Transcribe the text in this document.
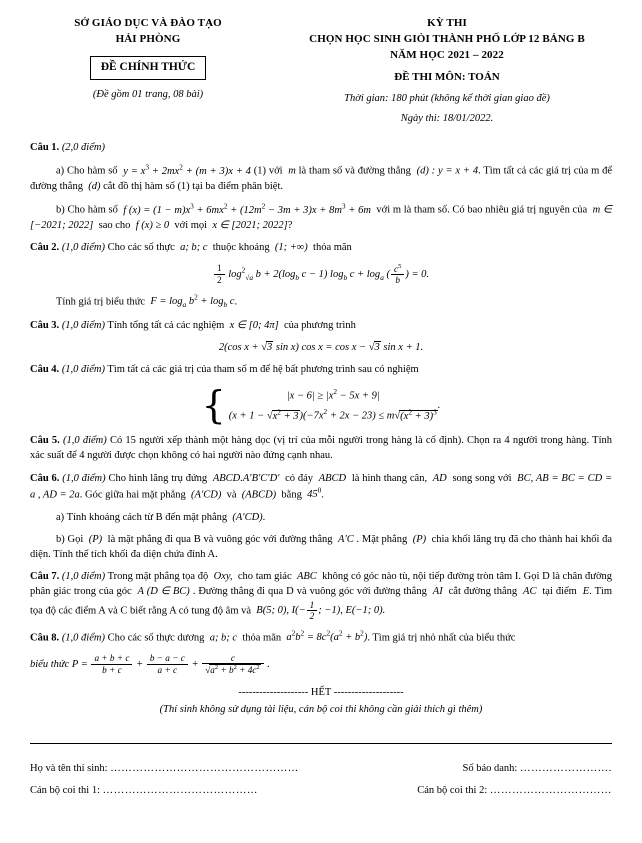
SỞ GIÁO DỤC VÀ ĐÀO TẠO
HẢI PHÒNG
ĐỀ CHÍNH THỨC
(Đề gồm 01 trang, 08 bài)
KỲ THI
CHỌN HỌC SINH GIỎI THÀNH PHỐ LỚP 12 BẢNG B
NĂM HỌC 2021 – 2022
ĐỀ THI MÔN: TOÁN
Thời gian: 180 phút (không kể thời gian giao đề)
Ngày thi: 18/01/2022.
Câu 1. (2,0 điểm)
a) Cho hàm số  $y = x^3 + 2mx^2 + (m + 3)x + 4$ (1) với  m là tham số và đường thẳng  (d) : y = x + 4. Tìm tất cả các giá trị của m để đường thẳng  (d) cắt đồ thị hàm số (1) tại ba điểm phân biệt.
b) Cho hàm số  f $(x) = (1 - m)x^3 + 6mx^2 + (12m^2 - 3m + 3)x + 8m^3 + 6m$  với m là tham số. Có bao nhiêu giá trị nguyên của  m ∈ [−2021; 2022]  sao cho  f (x) ≥ 0  với mọi  x ∈ [2021; 2022]?
Câu 2. (1,0 điểm) Cho các số thực  a; b; c  thuộc khoảng  (1; +∞)  thỏa mãn
$\frac{1}{2} \log^2_{√a} b + 2(\log_b$ c − 1) $\log_b c + \log_a$ ( $\frac{c^5}{b}$ ) = 0.
Tính giá trị biểu thức  $F = \log_a b^2 + \log_b c$.
Câu 3. (1,0 điểm) Tính tổng tất cả các nghiệm  x ∈ [0; 4π]  của phương trình
2(cos x + √3 sin x) cos x = cos x − √3 sin x + 1.
Câu 4. (1,0 điểm) Tìm tất cả các giá trị của tham số m để hệ bất phương trình sau có nghiệm
{	$|x - 6| \ge |x^2 - 5x + 9|$
$(x + 1 - √x^2 + 3)(-7x^2 + 2x - 23) \le m√(x^2 + 3)^3$
.
Câu 5. (1,0 điểm) Có 15 người xếp thành một hàng dọc (vị trí của mỗi người trong hàng là cố định). Chọn ra 4 người trong hàng. Tính xác suất để 4 người được chọn không có hai người nào đứng cạnh nhau.
Câu 6. (1,0 điểm) Cho hình lăng trụ đứng  ABCD.A′B′C′D′  có đáy  ABCD  là hình thang cân,  AD  song song với  BC, AB = BC = CD = a , AD = 2a. Góc giữa hai mặt phẳng  (A′CD)  và  (ABCD)  bằng  $45^0$.
a) Tính khoảng cách từ B đến mặt phẳng  (A′CD).
b) Gọi  (P)  là mặt phẳng đi qua B và vuông góc với đường thẳng  A′C . Mặt phẳng  (P)  chia khối lăng trụ đã cho thành hai khối đa diện. Tính thể tích khối đa diện chứa đỉnh A.
Câu 7. (1,0 điểm) Trong mặt phẳng tọa độ  Oxy,  cho tam giác  ABC  không có góc nào tù, nội tiếp đường tròn tâm I. Gọi D là chân đường phân giác trong của góc  A (D ∈ BC) . Đường thẳng đi qua D và vuông góc với đường thẳng  AI  cắt đường thẳng  AC  tại điểm  E. Tìm tọa độ các điểm A và C biết rằng A có tung độ âm và  B(5; 0), $I(- \frac{1}{2}$ ; −1), E(−1; 0).
Câu 8. (1,0 điểm) Cho các số thực dương  a; b; c  thỏa mãn  $a^2b^2 = 8c^2(a^2 + b^2)$. Tìm giá trị nhỏ nhất của biểu thức
biểu thức $P = \frac{a + b + c}{b + c} + \frac{b - a - c}{a + c} + \frac{c}{√a^2 + b^2 + 4c^2}$ .
-------------------- HẾT --------------------
(Thí sinh không sử dụng tài liệu, cán bộ coi thi không cần giải thích gì thêm)
Họ và tên thí sinh: ……………………………………………	Số báo danh: …………………….
Cán bộ coi thi 1: ……………………………………	Cán bộ coi thi 2: ……………………………
